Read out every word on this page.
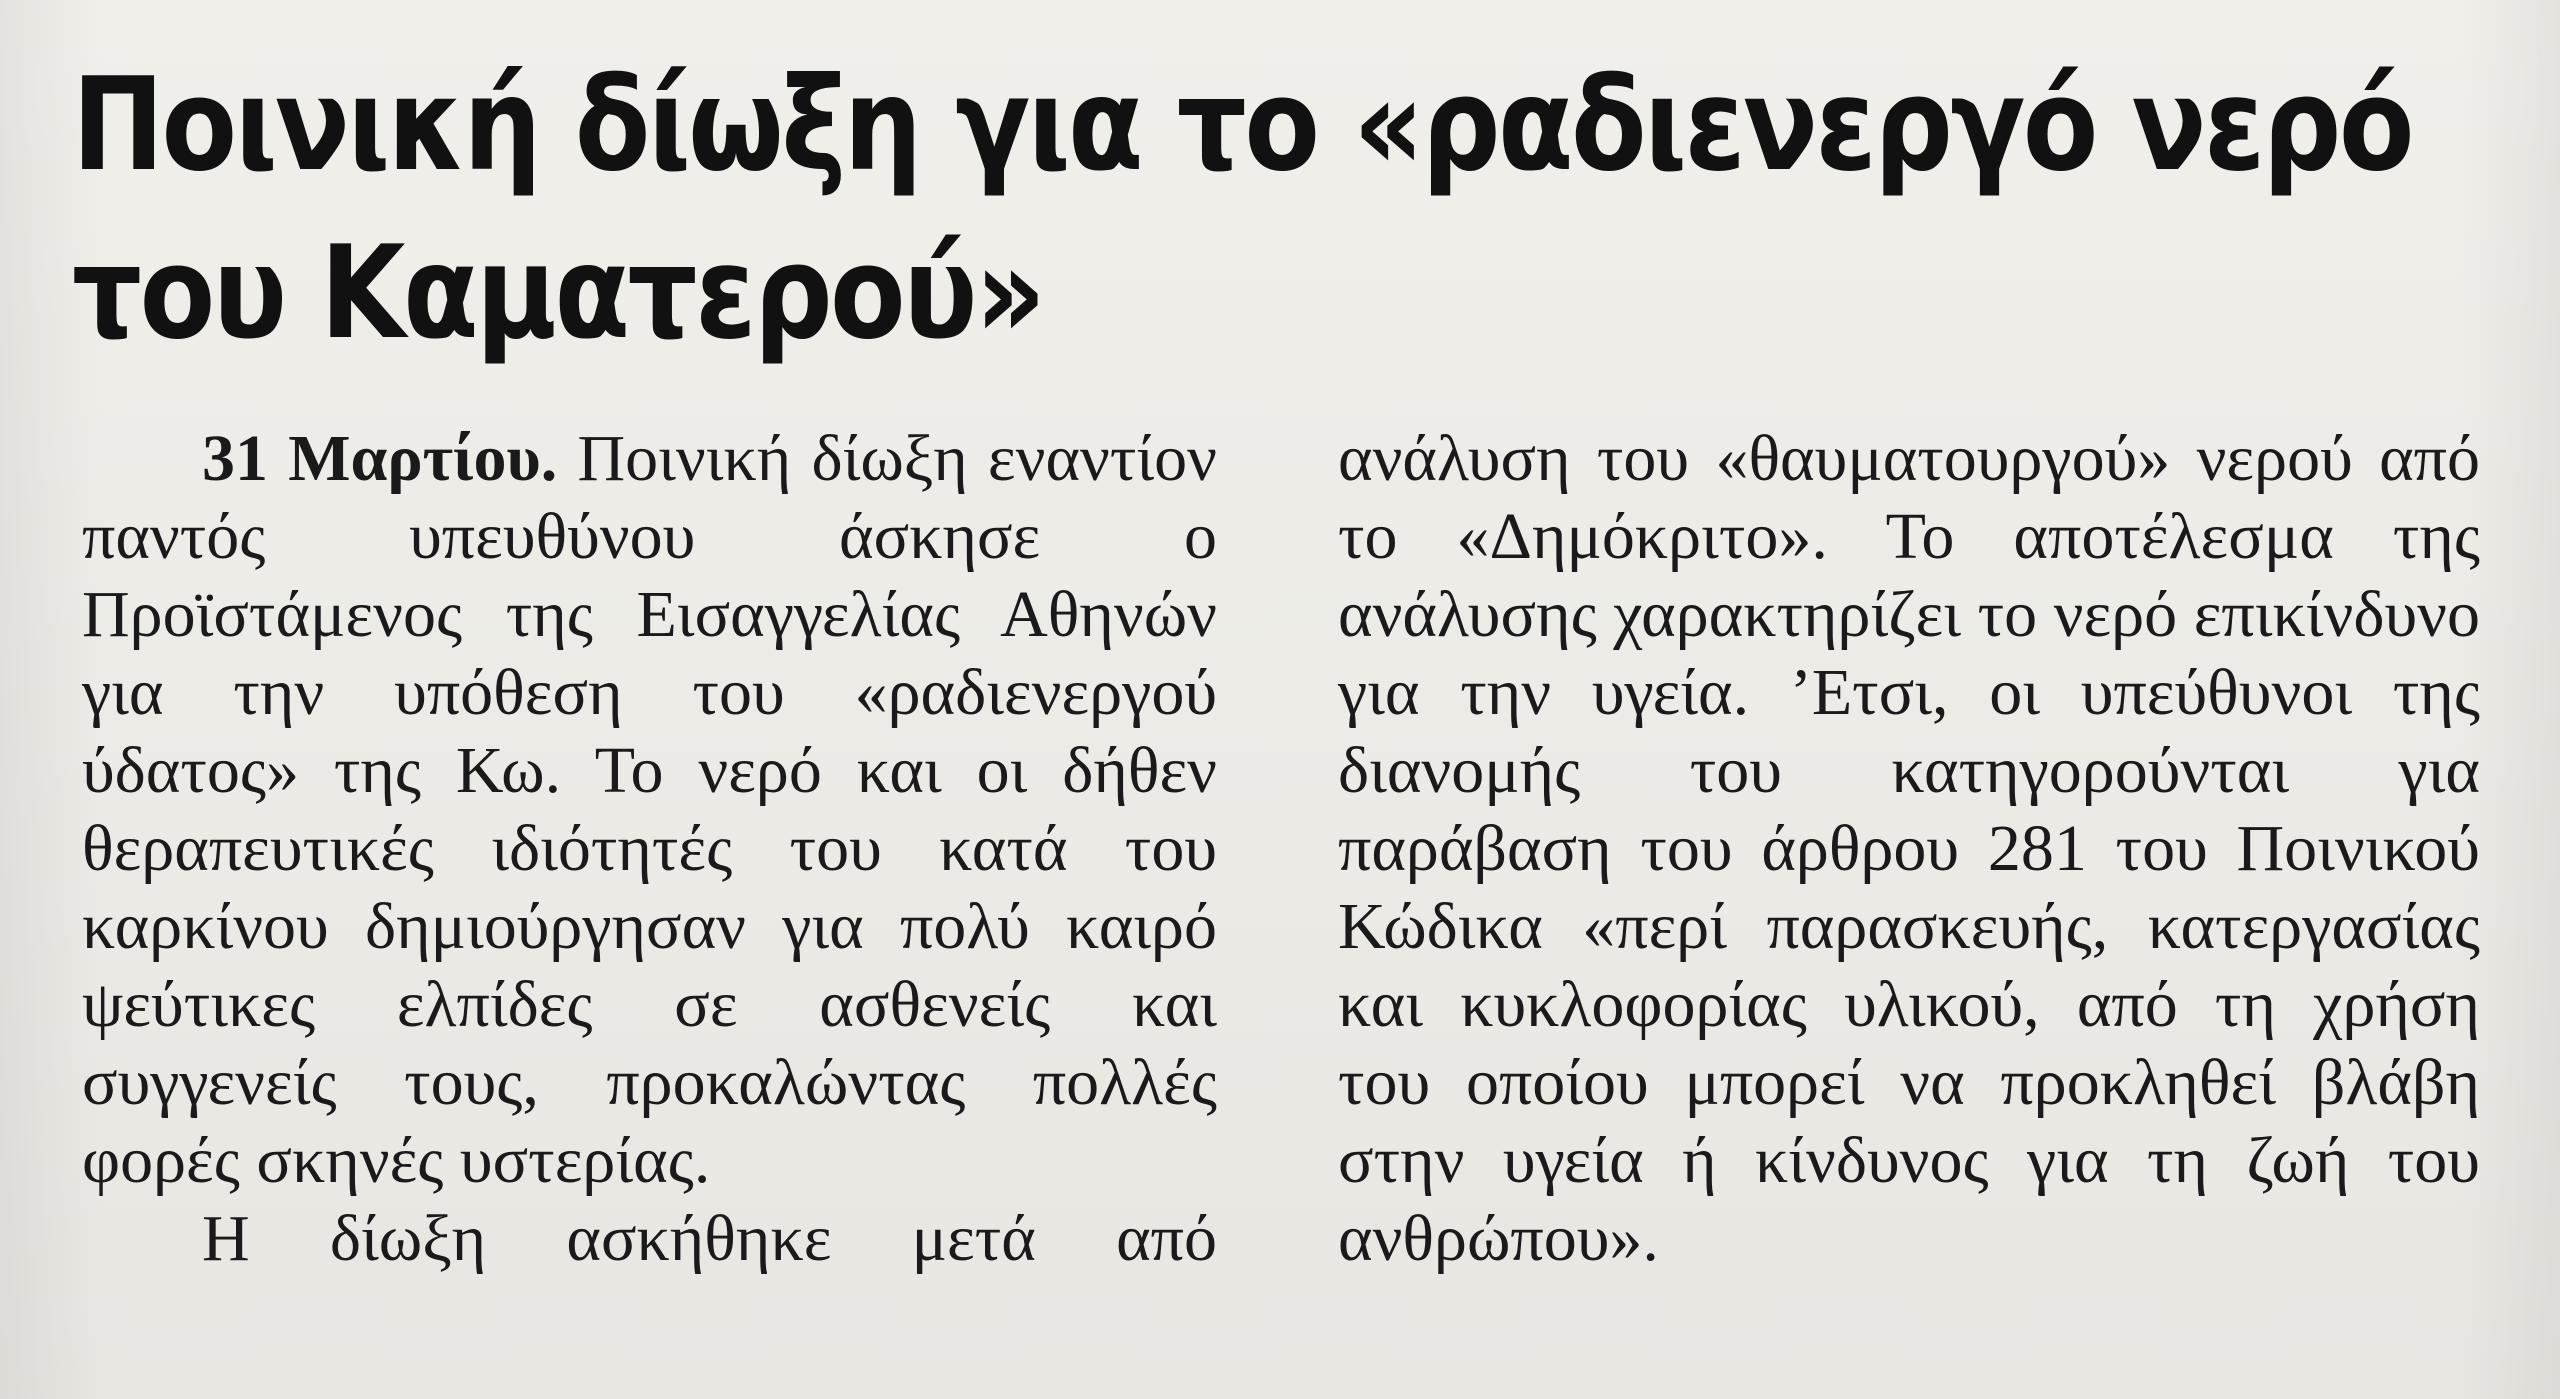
Ποινική δίωξη για το «ραδιενεργό νερό
του Καματερού»

31 Μαρτίου. Ποινική δίωξη εναντίον παντός υπευθύνου άσκησε ο Προϊστάμενος της Εισαγγελίας Αθηνών για την υπόθεση του «ραδιενεργού ύδατος» της Κω. Το νερό και οι δήθεν θεραπευτικές ιδιότητές του κατά του καρκίνου δημιούργησαν για πολύ καιρό ψεύτικες ελπίδες σε ασθενείς και συγγενείς τους, προκαλώντας πολλές φορές σκηνές υστερίας.

Η δίωξη ασκήθηκε μετά από

ανάλυση του «θαυματουργού» νερού από το «Δημόκριτο». Το αποτέλεσμα της ανάλυσης χαρακτηρίζει το νερό επικίνδυνο για την υγεία. ’Ετσι, οι υπεύθυνοι της διανομής του κατηγορούνται για παράβαση του άρθρου 281 του Ποινικού Κώδικα «περί παρασκευής, κατεργασίας και κυκλοφορίας υλικού, από τη χρήση του οποίου μπορεί να προκληθεί βλάβη στην υγεία ή κίνδυνος για τη ζωή του ανθρώπου».
